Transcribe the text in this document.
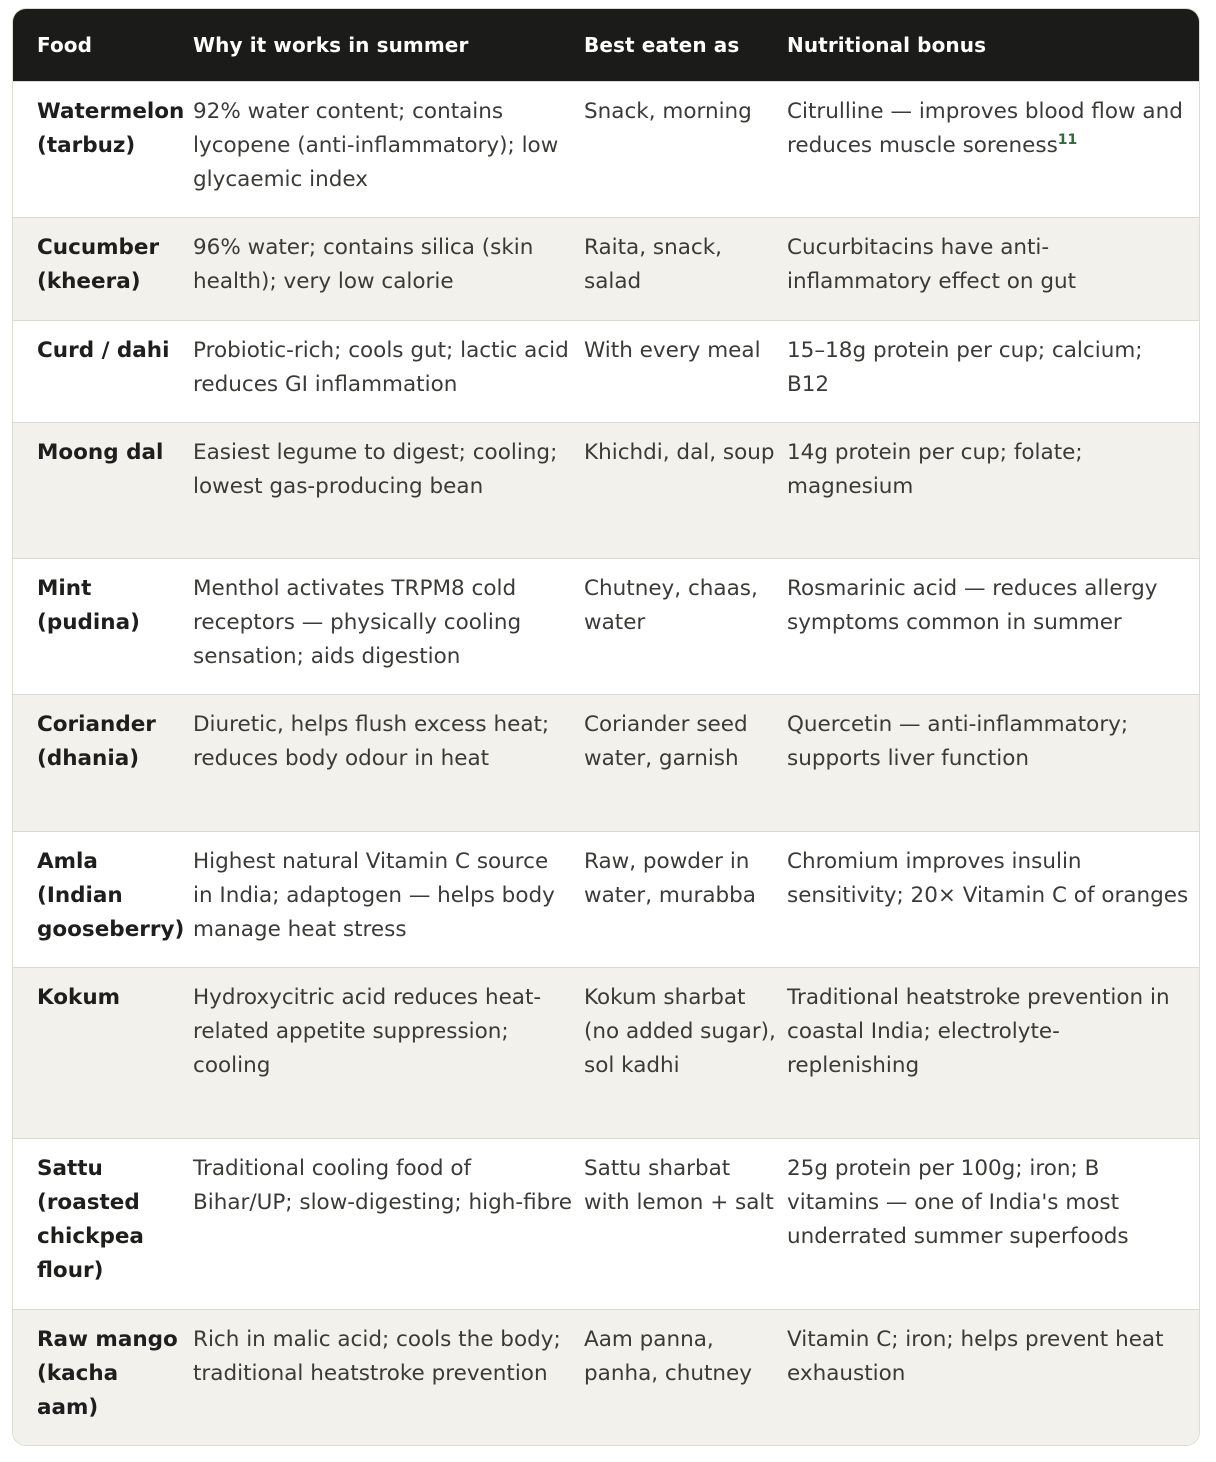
Food	Why it works in summer	Best eaten as	Nutritional bonus
Watermelon (tarbuz)	92% water content; contains lycopene (anti-inflammatory); low glycaemic index	Snack, morning	Citrulline — improves blood flow and reduces muscle soreness$^{11}$
Cucumber (kheera)	96% water; contains silica (skin health); very low calorie	Raita, snack, salad	Cucurbitacins have anti-inflammatory effect on gut
Curd / dahi	Probiotic-rich; cools gut; lactic acid reduces GI inflammation	With every meal	15–18g protein per cup; calcium; B12
Moong dal	Easiest legume to digest; cooling; lowest gas-producing bean	Khichdi, dal, soup	14g protein per cup; folate; magnesium
Mint (pudina)	Menthol activates TRPM8 cold receptors — physically cooling sensation; aids digestion	Chutney, chaas, water	Rosmarinic acid — reduces allergy symptoms common in summer
Coriander (dhania)	Diuretic, helps flush excess heat; reduces body odour in heat	Coriander seed water, garnish	Quercetin — anti-inflammatory; supports liver function
Amla (Indian gooseberry)	Highest natural Vitamin C source in India; adaptogen — helps body manage heat stress	Raw, powder in water, murabba	Chromium improves insulin sensitivity; 20× Vitamin C of oranges
Kokum	Hydroxycitric acid reduces heat-related appetite suppression; cooling	Kokum sharbat (no added sugar), sol kadhi	Traditional heatstroke prevention in coastal India; electrolyte-replenishing
Sattu (roasted chickpea flour)	Traditional cooling food of Bihar/UP; slow-digesting; high-fibre	Sattu sharbat with lemon + salt	25g protein per 100g; iron; B vitamins — one of India's most underrated summer superfoods
Raw mango (kacha aam)	Rich in malic acid; cools the body; traditional heatstroke prevention	Aam panna, panha, chutney	Vitamin C; iron; helps prevent heat exhaustion
